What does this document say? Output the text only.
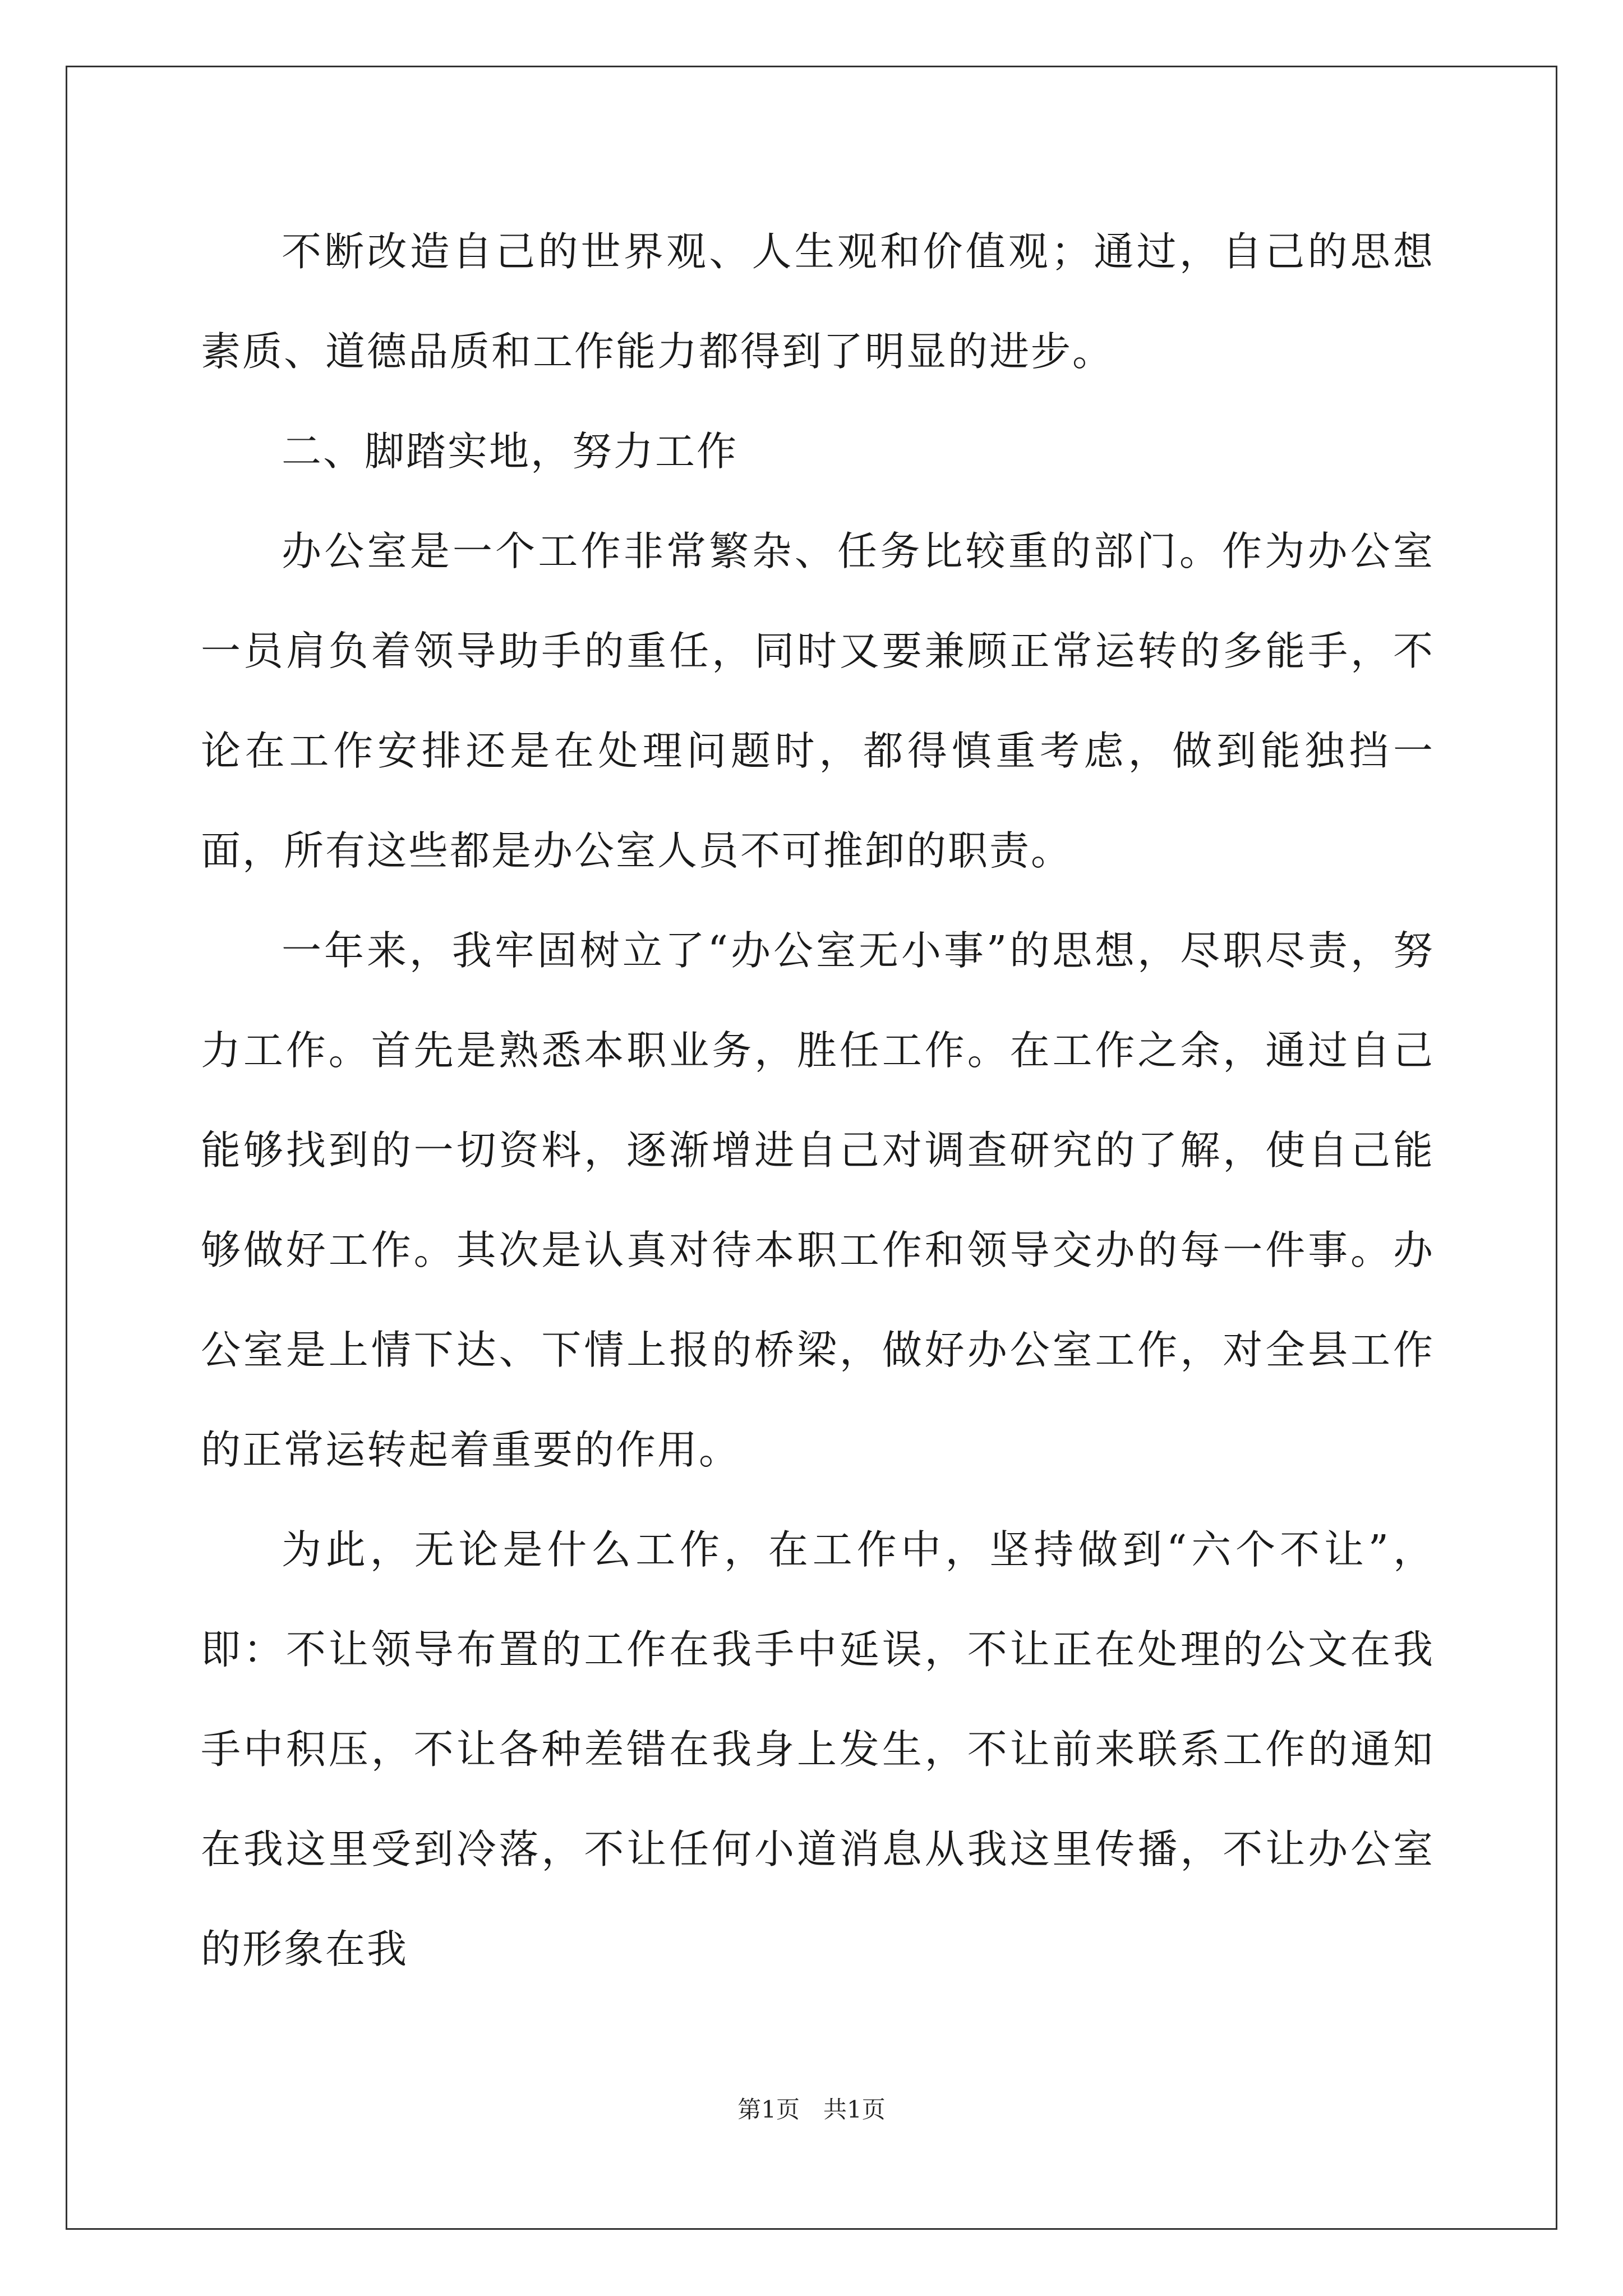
不断改造自己的世界观、人生观和价值观；通过，自己的思想素质、道德品质和工作能力都得到了明显的进步。

二、脚踏实地，努力工作

办公室是一个工作非常繁杂、任务比较重的部门。作为办公室一员肩负着领导助手的重任，同时又要兼顾正常运转的多能手，不论在工作安排还是在处理问题时，都得慎重考虑，做到能独挡一面，所有这些都是办公室人员不可推卸的职责。

一年来，我牢固树立了“办公室无小事”的思想，尽职尽责，努力工作。首先是熟悉本职业务，胜任工作。在工作之余，通过自己能够找到的一切资料，逐渐增进自己对调查研究的了解，使自己能够做好工作。其次是认真对待本职工作和领导交办的每一件事。办公室是上情下达、下情上报的桥梁，做好办公室工作，对全县工作的正常运转起着重要的作用。

为此，无论是什么工作，在工作中，坚持做到“六个不让”，即：不让领导布置的工作在我手中延误，不让正在处理的公文在我手中积压，不让各种差错在我身上发生，不让前来联系工作的通知在我这里受到冷落，不让任何小道消息从我这里传播，不让办公室的形象在我

第1页　共1页
